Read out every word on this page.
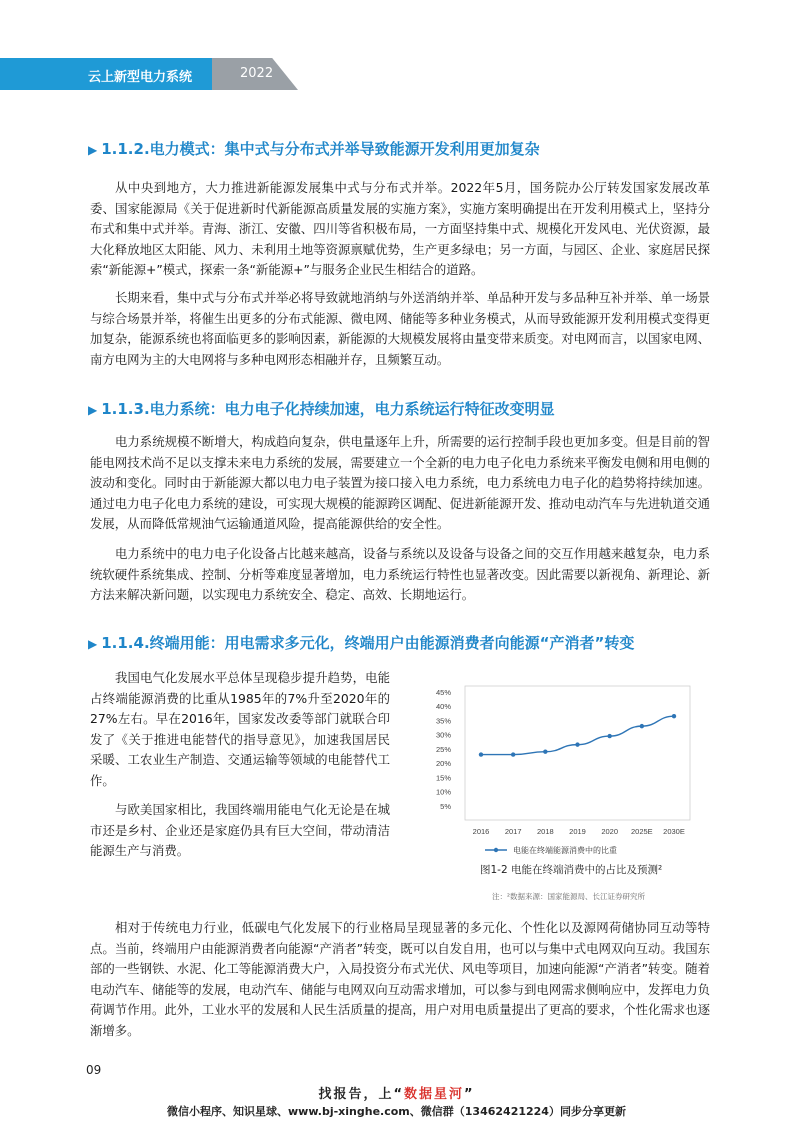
云上新型电力系统	2022
▶ 1.1.2.电力模式：集中式与分布式并举导致能源开发利用更加复杂

从中央到地方，大力推进新能源发展集中式与分布式并举。2022年5月，国务院办公厅转发国家发展改革委、国家能源局《关于促进新时代新能源高质量发展的实施方案》，实施方案明确提出在开发利用模式上，坚持分布式和集中式并举。青海、浙江、安徽、四川等省积极布局，一方面坚持集中式、规模化开发风电、光伏资源，最大化释放地区太阳能、风力、未利用土地等资源禀赋优势，生产更多绿电；另一方面，与园区、企业、家庭居民探索“新能源+”模式，探索一条“新能源+”与服务企业民生相结合的道路。

长期来看，集中式与分布式并举必将导致就地消纳与外送消纳并举、单品种开发与多品种互补并举、单一场景与综合场景并举，将催生出更多的分布式能源、微电网、储能等多种业务模式，从而导致能源开发利用模式变得更加复杂，能源系统也将面临更多的影响因素，新能源的大规模发展将由量变带来质变。对电网而言，以国家电网、南方电网为主的大电网将与多种电网形态相融并存，且频繁互动。

▶ 1.1.3.电力系统：电力电子化持续加速，电力系统运行特征改变明显

电力系统规模不断增大，构成趋向复杂，供电量逐年上升，所需要的运行控制手段也更加多变。但是目前的智能电网技术尚不足以支撑未来电力系统的发展，需要建立一个全新的电力电子化电力系统来平衡发电侧和用电侧的波动和变化。同时由于新能源大都以电力电子装置为接口接入电力系统，电力系统电力电子化的趋势将持续加速。通过电力电子化电力系统的建设，可实现大规模的能源跨区调配、促进新能源开发、推动电动汽车与先进轨道交通发展，从而降低常规油气运输通道风险，提高能源供给的安全性。

电力系统中的电力电子化设备占比越来越高，设备与系统以及设备与设备之间的交互作用越来越复杂，电力系统软硬件系统集成、控制、分析等难度显著增加，电力系统运行特性也显著改变。因此需要以新视角、新理论、新方法来解决新问题，以实现电力系统安全、稳定、高效、长期地运行。

▶ 1.1.4.终端用能：用电需求多元化，终端用户由能源消费者向能源“产消者”转变

我国电气化发展水平总体呈现稳步提升趋势，电能占终端能源消费的比重从1985年的7%升至2020年的27%左右。早在2016年，国家发改委等部门就联合印发了《关于推进电能替代的指导意见》，加速我国居民采暖、工农业生产制造、交通运输等领域的电能替代工作。

与欧美国家相比，我国终端用能电气化无论是在城市还是乡村、企业还是家庭仍具有巨大空间，带动清洁能源生产与消费。

45%
40%
35%
30%
25%
20%
15%
10%
5%
2016 2017 2018 2019 2020 2025E 2030E
电能在终端能源消费中的比重
图1-2 电能在终端消费中的占比及预测²
注：²数据来源：国家能源局、长江证券研究所

相对于传统电力行业，低碳电气化发展下的行业格局呈现显著的多元化、个性化以及源网荷储协同互动等特点。当前，终端用户由能源消费者向能源“产消者”转变，既可以自发自用，也可以与集中式电网双向互动。我国东部的一些钢铁、水泥、化工等能源消费大户，入局投资分布式光伏、风电等项目，加速向能源“产消者”转变。随着电动汽车、储能等的发展，电动汽车、储能与电网双向互动需求增加，可以参与到电网需求侧响应中，发挥电力负荷调节作用。此外，工业水平的发展和人民生活质量的提高，用户对用电质量提出了更高的要求，个性化需求也逐渐增多。

09
找报告，上“数据星河”
微信小程序、知识星球、www.bj-xinghe.com、微信群（13462421224）同步分享更新
